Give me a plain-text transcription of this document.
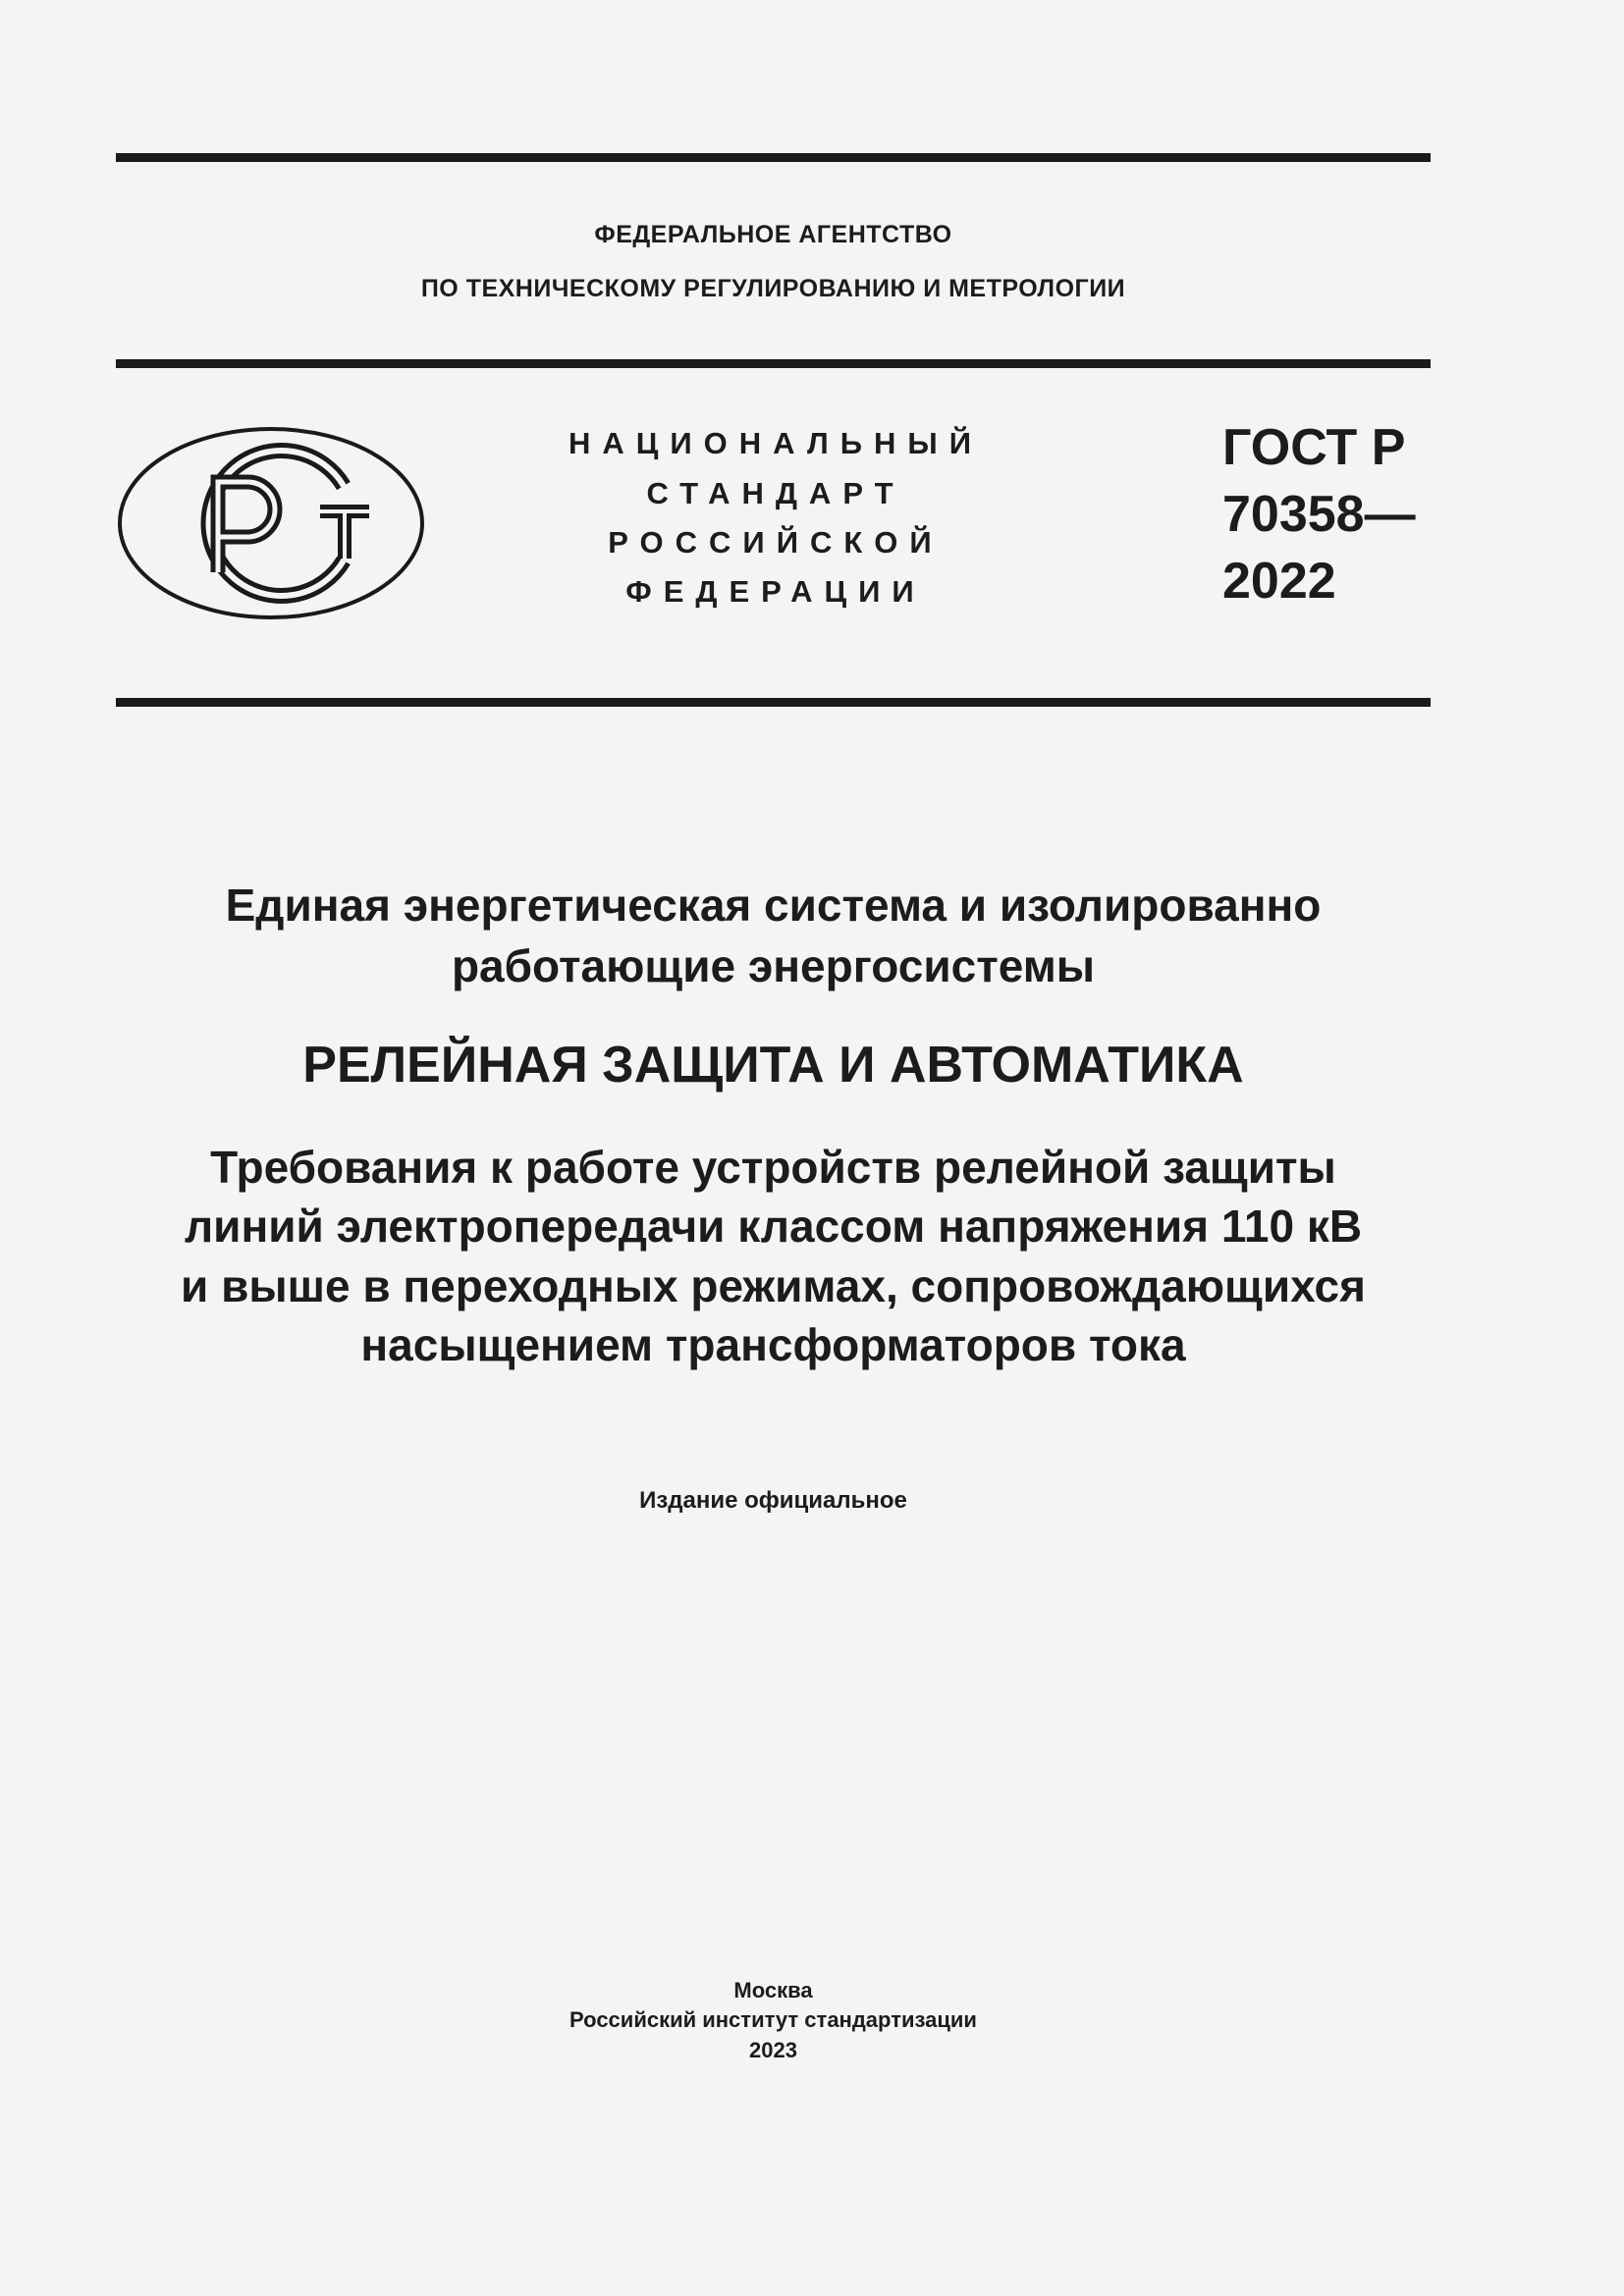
ФЕДЕРАЛЬНОЕ АГЕНТСТВО
ПО ТЕХНИЧЕСКОМУ РЕГУЛИРОВАНИЮ И МЕТРОЛОГИИ
НАЦИОНАЛЬНЫЙ
СТАНДАРТ
РОССИЙСКОЙ
ФЕДЕРАЦИИ
ГОСТ Р
70358—
2022
Единая энергетическая система и изолированно
работающие энергосистемы
РЕЛЕЙНАЯ ЗАЩИТА И АВТОМАТИКА
Требования к работе устройств релейной защиты
линий электропередачи классом напряжения 110 кВ
и выше в переходных режимах, сопровождающихся
насыщением трансформаторов тока
Издание официальное
Москва
Российский институт стандартизации
2023
